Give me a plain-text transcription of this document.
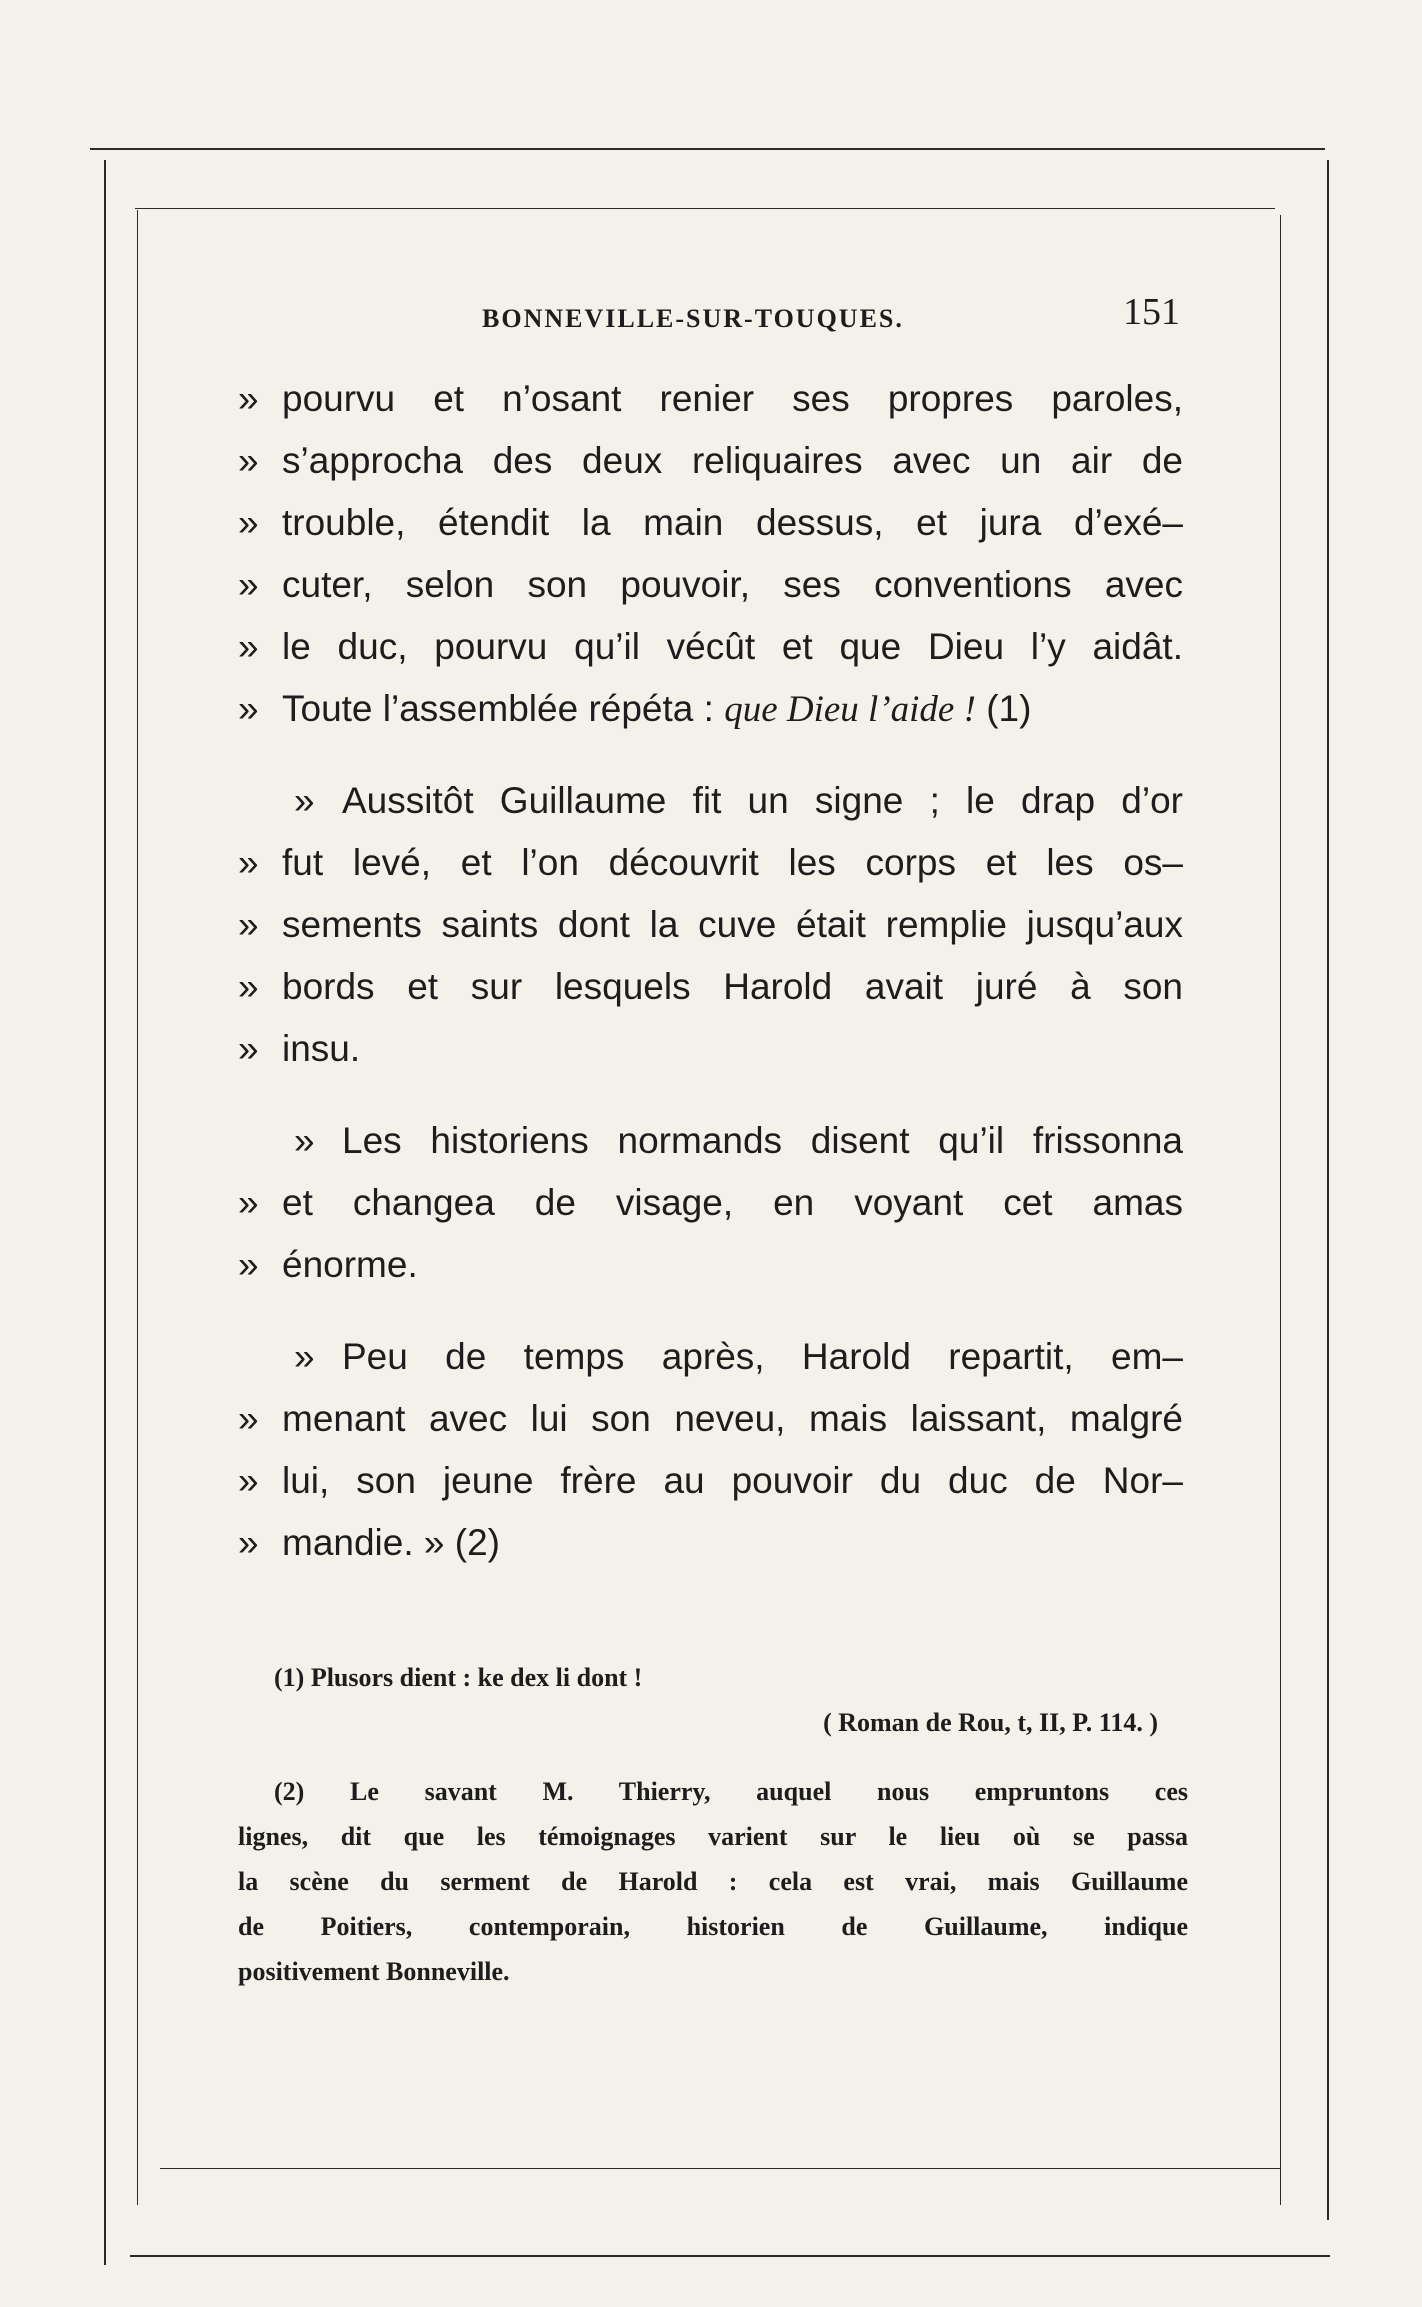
BONNEVILLE-SUR-TOUQUES.	151
» pourvu et n’osant renier ses propres paroles,
» s’approcha des deux reliquaires avec un air de
» trouble, étendit la main dessus, et jura d’exé–
» cuter, selon son pouvoir, ses conventions avec
» le duc, pourvu qu’il vécût et que Dieu l’y aidât.
» Toute l’assemblée répéta : que Dieu l’aide ! (1)
» Aussitôt Guillaume fit un signe ; le drap d’or
» fut levé, et l’on découvrit les corps et les os–
» sements saints dont la cuve était remplie jusqu’aux
» bords et sur lesquels Harold avait juré à son
» insu.
» Les historiens normands disent qu’il frissonna
» et changea de visage, en voyant cet amas
» énorme.
» Peu de temps après, Harold repartit, em–
» menant avec lui son neveu, mais laissant, malgré
» lui, son jeune frère au pouvoir du duc de Nor–
» mandie. » (2)
(1) Plusors dient : ke dex li dont !
( Roman de Rou, t, II, P. 114. )
(2) Le savant M. Thierry, auquel nous empruntons ces
lignes, dit que les témoignages varient sur le lieu où se passa
la scène du serment de Harold : cela est vrai, mais Guillaume
de Poitiers, contemporain, historien de Guillaume, indique
positivement Bonneville.
